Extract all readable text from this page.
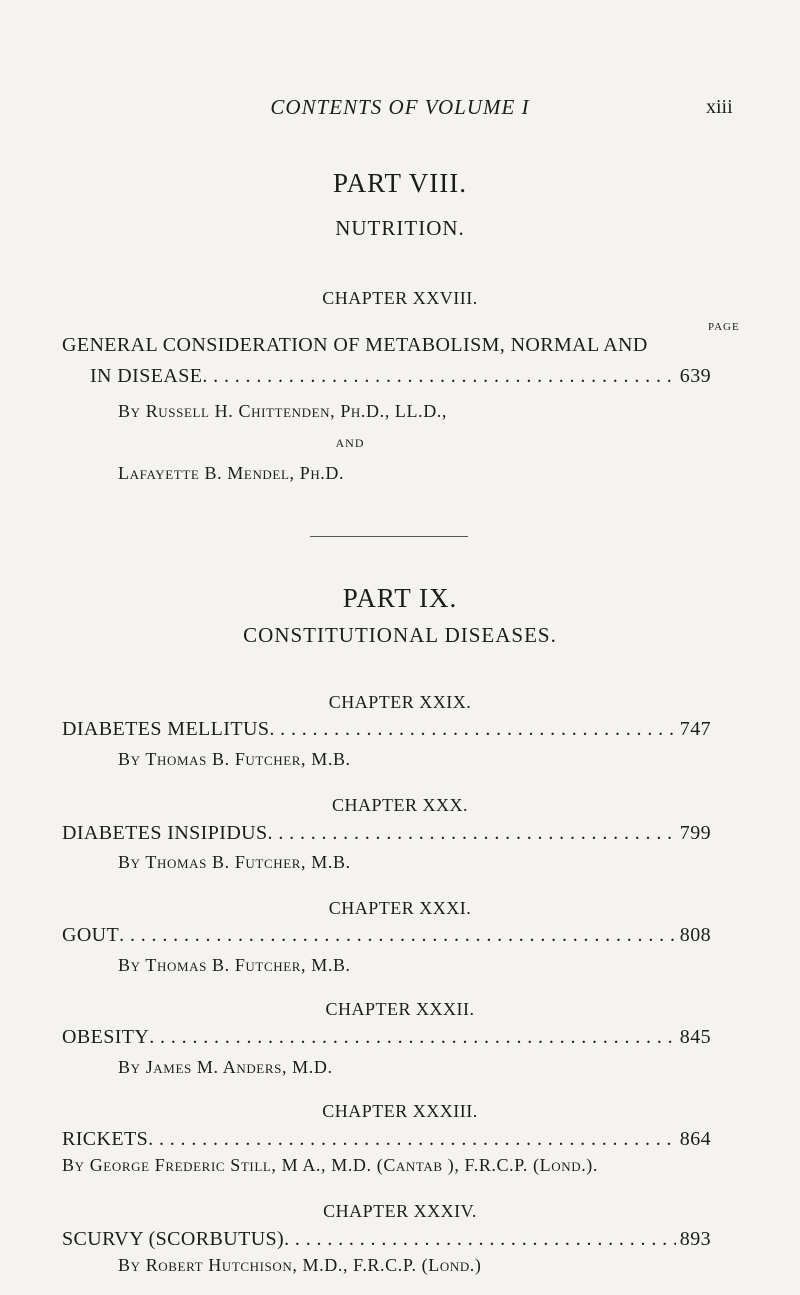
CONTENTS OF VOLUME I	xiii
PART VIII.
NUTRITION.
CHAPTER XXVIII.
PAGE
GENERAL CONSIDERATION OF METABOLISM, NORMAL AND
IN DISEASE . . .	639
By Russell H. Chittenden, Ph.D., LL.D.,
AND
Lafayette B. Mendel, Ph.D.
PART IX.
CONSTITUTIONAL DISEASES.
CHAPTER XXIX.
DIABETES MELLITUS . . .	747
By Thomas B. Futcher, M.B.
CHAPTER XXX.
DIABETES INSIPIDUS . . .	799
By Thomas B. Futcher, M.B.
CHAPTER XXXI.
GOUT . . .	808
By Thomas B. Futcher, M.B.
CHAPTER XXXII.
OBESITY . . .	845
By James M. Anders, M.D.
CHAPTER XXXIII.
RICKETS . . .	864
By George Frederic Still, M A., M.D. (Cantab ), F.R.C.P. (Lond.).
CHAPTER XXXIV.
SCURVY (SCORBUTUS) . . .	893
By Robert Hutchison, M.D., F.R.C.P. (Lond.)
